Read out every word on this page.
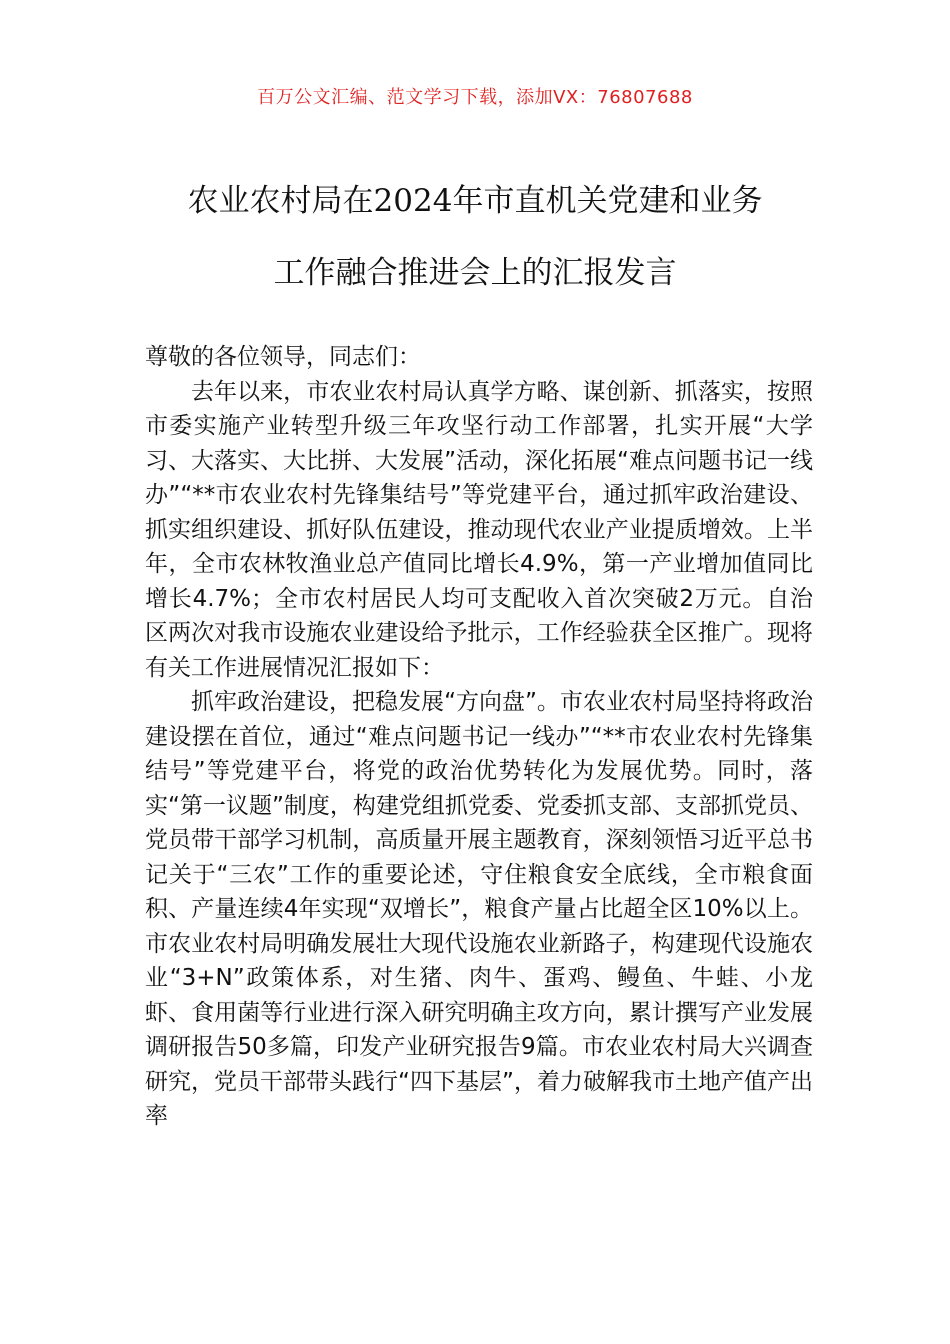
百万公文汇编、范文学习下载，添加VX：76807688
农业农村局在2024年市直机关党建和业务
工作融合推进会上的汇报发言

尊敬的各位领导，同志们：

去年以来，市农业农村局认真学方略、谋创新、抓落实，按照市委实施产业转型升级三年攻坚行动工作部署，扎实开展“大学习、大落实、大比拼、大发展”活动，深化拓展“难点问题书记一线办”“**市农业农村先锋集结号”等党建平台，通过抓牢政治建设、抓实组织建设、抓好队伍建设，推动现代农业产业提质增效。上半年，全市农林牧渔业总产值同比增长4.9%，第一产业增加值同比增长4.7%；全市农村居民人均可支配收入首次突破2万元。自治区两次对我市设施农业建设给予批示，工作经验获全区推广。现将有关工作进展情况汇报如下：

抓牢政治建设，把稳发展“方向盘”。市农业农村局坚持将政治建设摆在首位，通过“难点问题书记一线办”“**市农业农村先锋集结号”等党建平台，将党的政治优势转化为发展优势。同时，落实“第一议题”制度，构建党组抓党委、党委抓支部、支部抓党员、党员带干部学习机制，高质量开展主题教育，深刻领悟习近平总书记关于“三农”工作的重要论述，守住粮食安全底线，全市粮食面积、产量连续4年实现“双增长”，粮食产量占比超全区10%以上。市农业农村局明确发展壮大现代设施农业新路子，构建现代设施农业“3+N”政策体系，对生猪、肉牛、蛋鸡、鳗鱼、牛蛙、小龙虾、食用菌等行业进行深入研究明确主攻方向，累计撰写产业发展调研报告50多篇，印发产业研究报告9篇。市农业农村局大兴调查研究，党员干部带头践行“四下基层”，着力破解我市土地产值产出率
